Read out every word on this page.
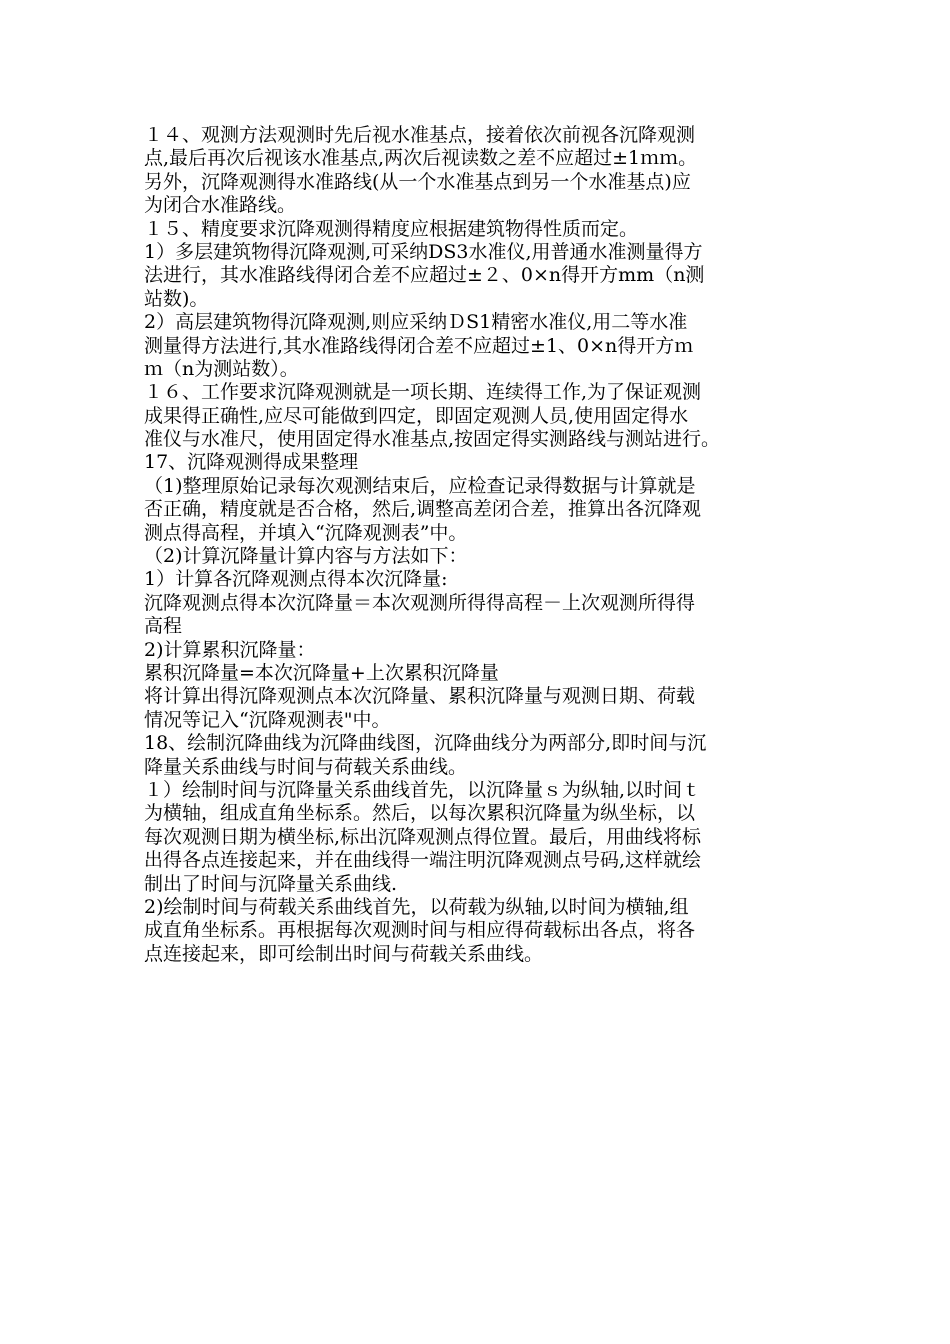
１４、观测方法观测时先后视水准基点，接着依次前视各沉降观测
点,最后再次后视该水准基点,两次后视读数之差不应超过±1ｍｍ。
另外，沉降观测得水准路线(从一个水准基点到另一个水准基点)应
为闭合水准路线。
１５、精度要求沉降观测得精度应根据建筑物得性质而定。
1）多层建筑物得沉降观测,可采纳DS3水准仪,用普通水准测量得方
法进行，其水准路线得闭合差不应超过±２、0×n得开方mm（n测
站数)。
2）高层建筑物得沉降观测,则应采纳ＤS1精密水准仪,用二等水准
测量得方法进行,其水准路线得闭合差不应超过±1、0×n得开方ｍ
ｍ（n为测站数）。
１６、工作要求沉降观测就是一项长期、连续得工作,为了保证观测
成果得正确性,应尽可能做到四定，即固定观测人员,使用固定得水
准仪与水准尺，使用固定得水准基点,按固定得实测路线与测站进行。
17、沉降观测得成果整理
（1)整理原始记录每次观测结束后，应检查记录得数据与计算就是
否正确，精度就是否合格，然后,调整高差闭合差，推算出各沉降观
测点得高程，并填入“沉降观测表”中。
（2)计算沉降量计算内容与方法如下：
1）计算各沉降观测点得本次沉降量:
沉降观测点得本次沉降量＝本次观测所得得高程－上次观测所得得
高程
2)计算累积沉降量：
累积沉降量=本次沉降量+上次累积沉降量
将计算出得沉降观测点本次沉降量、累积沉降量与观测日期、荷载
情况等记入“沉降观测表"中。
18、绘制沉降曲线为沉降曲线图，沉降曲线分为两部分,即时间与沉
降量关系曲线与时间与荷载关系曲线。
１）绘制时间与沉降量关系曲线首先，以沉降量ｓ为纵轴,以时间ｔ
为横轴，组成直角坐标系。然后，以每次累积沉降量为纵坐标，以
每次观测日期为横坐标,标出沉降观测点得位置。最后，用曲线将标
出得各点连接起来，并在曲线得一端注明沉降观测点号码,这样就绘
制出了时间与沉降量关系曲线.
2)绘制时间与荷载关系曲线首先，以荷载为纵轴,以时间为横轴,组
成直角坐标系。再根据每次观测时间与相应得荷载标出各点，将各
点连接起来，即可绘制出时间与荷载关系曲线。
